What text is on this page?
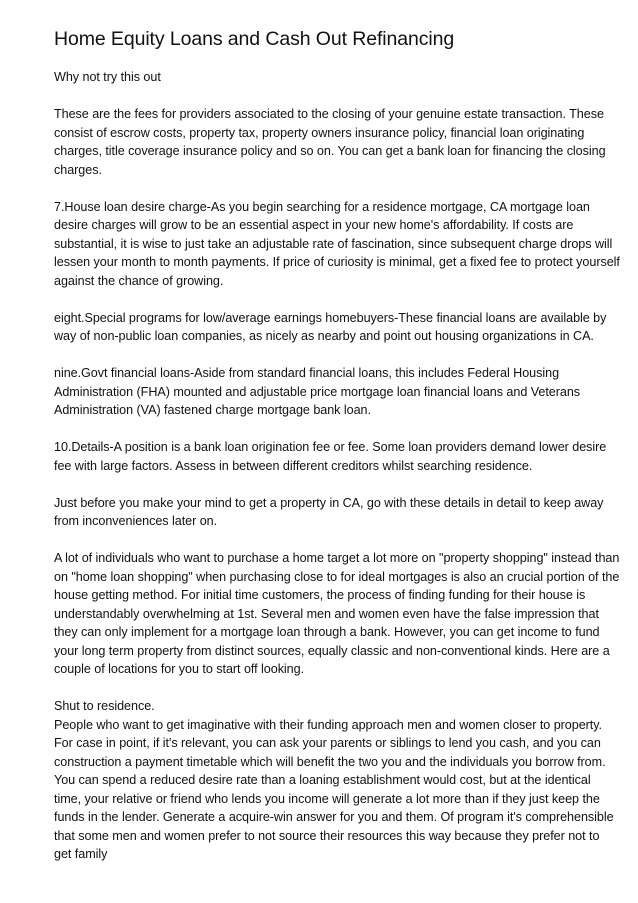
Home Equity Loans and Cash Out Refinancing

Why not try this out

These are the fees for providers associated to the closing of your genuine estate transaction. These consist of escrow costs, property tax, property owners insurance policy, financial loan originating charges, title coverage insurance policy and so on. You can get a bank loan for financing the closing charges.

7.House loan desire charge-As you begin searching for a residence mortgage, CA mortgage loan desire charges will grow to be an essential aspect in your new home's affordability. If costs are substantial, it is wise to just take an adjustable rate of fascination, since subsequent charge drops will lessen your month to month payments. If price of curiosity is minimal, get a fixed fee to protect yourself against the chance of growing.

eight.Special programs for low/average earnings homebuyers-These financial loans are available by way of non-public loan companies, as nicely as nearby and point out housing organizations in CA.

nine.Govt financial loans-Aside from standard financial loans, this includes Federal Housing Administration (FHA) mounted and adjustable price mortgage loan financial loans and Veterans Administration (VA) fastened charge mortgage bank loan.

10.Details-A position is a bank loan origination fee or fee. Some loan providers demand lower desire fee with large factors. Assess in between different creditors whilst searching residence.

Just before you make your mind to get a property in CA, go with these details in detail to keep away from inconveniences later on.

A lot of individuals who want to purchase a home target a lot more on "property shopping" instead than on "home loan shopping" when purchasing close to for ideal mortgages is also an crucial portion of the house getting method. For initial time customers, the process of finding funding for their house is understandably overwhelming at 1st. Several men and women even have the false impression that they can only implement for a mortgage loan through a bank. However, you can get income to fund your long term property from distinct sources, equally classic and non-conventional kinds. Here are a couple of locations for you to start off looking.

Shut to residence.

People who want to get imaginative with their funding approach men and women closer to property. For case in point, if it's relevant, you can ask your parents or siblings to lend you cash, and you can construction a payment timetable which will benefit the two you and the individuals you borrow from. You can spend a reduced desire rate than a loaning establishment would cost, but at the identical time, your relative or friend who lends you income will generate a lot more than if they just keep the funds in the lender. Generate a acquire-win answer for you and them. Of program it's comprehensible that some men and women prefer to not source their resources this way because they prefer not to get family
